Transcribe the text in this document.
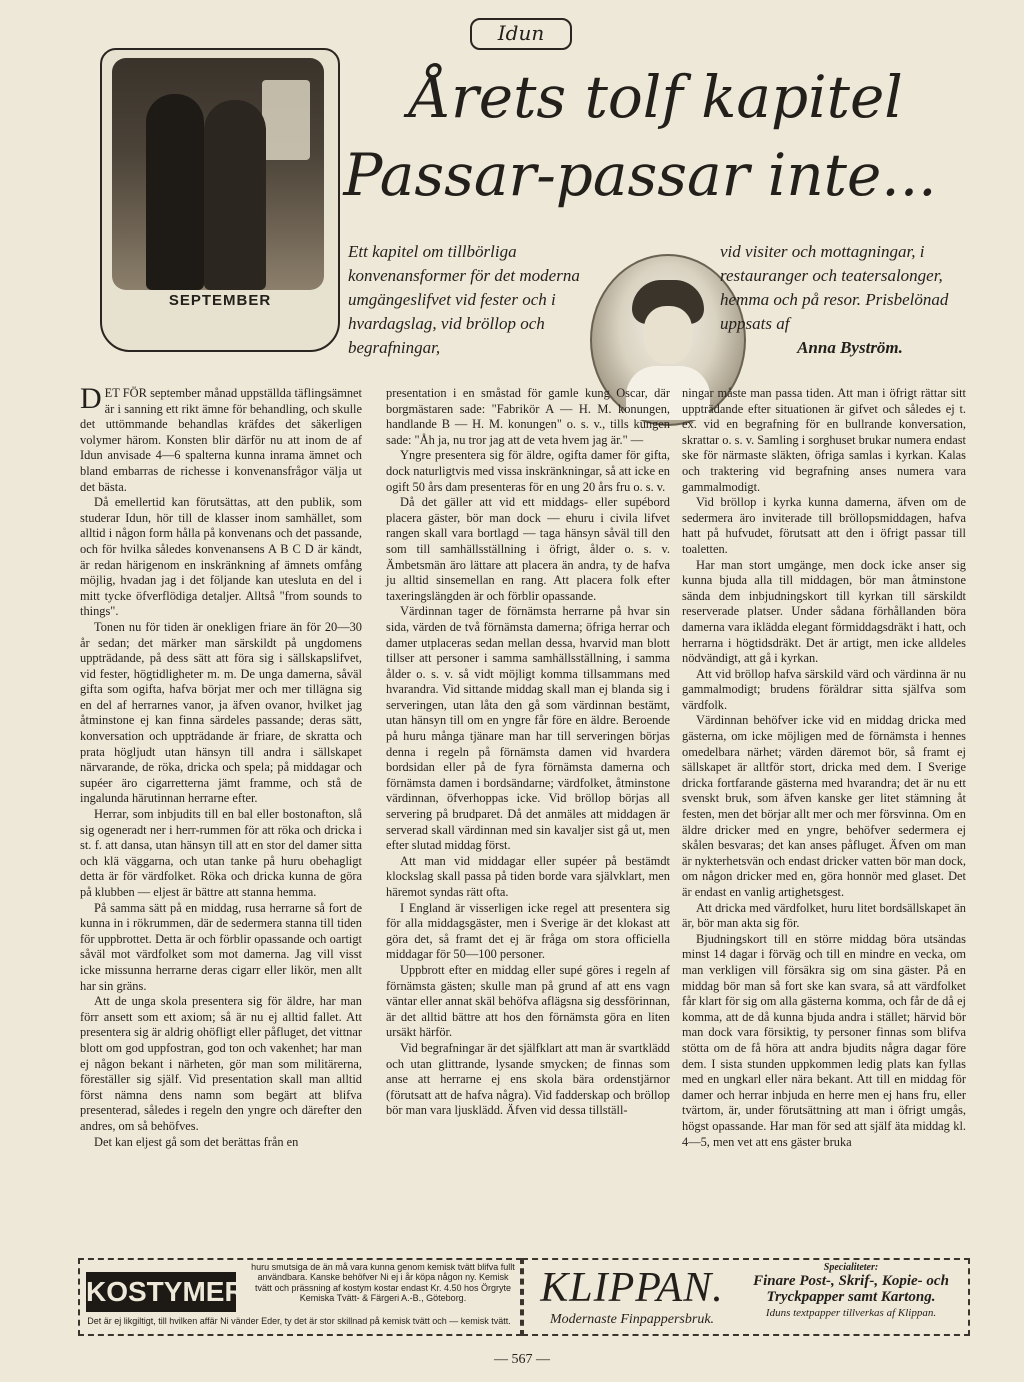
Idun
SEPTEMBER
Årets tolf kapitel
Passar-passar inte...
Ett kapitel om tillbörliga konvenansformer för det moderna umgängeslifvet vid fester och i hvardagslag, vid bröllop och begrafningar,
vid visiter och mottagningar, i restauranger och teatersalonger, hemma och på resor. Prisbelönad uppsats af
Anna Byström.

DET FÖR september månad uppställda täflingsämnet är i sanning ett rikt ämne för behandling, och skulle det uttömmande behandlas kräfdes det säkerligen volymer härom. Konsten blir därför nu att inom de af Idun anvisade 4—6 spalterna kunna inrama ämnet och bland embarras de richesse i konvenansfrågor välja ut det bästa.

Då emellertid kan förutsättas, att den publik, som studerar Idun, hör till de klasser inom samhället, som alltid i någon form hålla på konvenans och det passande, och för hvilka således konvenansens A B C D är kändt, är redan härigenom en inskränkning af ämnets omfång möjlig, hvadan jag i det följande kan utesluta en del i mitt tycke öfverflödiga detaljer. Alltså "from sounds to things".

Tonen nu för tiden är onekligen friare än för 20—30 år sedan; det märker man särskildt på ungdomens uppträdande, på dess sätt att föra sig i sällskapslifvet, vid fester, högtidligheter m. m. De unga damerna, såväl gifta som ogifta, hafva börjat mer och mer tillägna sig en del af herrarnes vanor, ja äfven ovanor, hvilket jag åtminstone ej kan finna särdeles passande; deras sätt, konversation och uppträdande är friare, de skratta och prata högljudt utan hänsyn till andra i sällskapet närvarande, de röka, dricka och spela; på middagar och supéer äro cigarretterna jämt framme, och stå de ingalunda härutinnan herrarne efter.

Herrar, som inbjudits till en bal eller bostonafton, slå sig ogeneradt ner i herr-rummen för att röka och dricka i st. f. att dansa, utan hänsyn till att en stor del damer sitta och klä väggarna, och utan tanke på huru obehagligt detta är för värdfolket. Röka och dricka kunna de göra på klubben — eljest är bättre att stanna hemma.

På samma sätt på en middag, rusa herrarne så fort de kunna in i rökrummen, där de sedermera stanna till tiden för uppbrottet. Detta är och förblir opassande och oartigt såväl mot värdfolket som mot damerna. Jag vill visst icke missunna herrarne deras cigarr eller likör, men allt har sin gräns.

Att de unga skola presentera sig för äldre, har man förr ansett som ett axiom; så är nu ej alltid fallet. Att presentera sig är aldrig ohöfligt eller påfluget, det vittnar blott om god uppfostran, god ton och vakenhet; har man ej någon bekant i närheten, gör man som militärerna, föreställer sig själf. Vid presentation skall man alltid först nämna dens namn som begärt att blifva presenterad, således i regeln den yngre och därefter den andres, om så behöfves.

Det kan eljest gå som det berättas från en

presentation i en småstad för gamle kung Oscar, där borgmästaren sade: "Fabrikör A — H. M. konungen, handlande B — H. M. konungen" o. s. v., tills kungen sade: "Åh ja, nu tror jag att de veta hvem jag är." —

Yngre presentera sig för äldre, ogifta damer för gifta, dock naturligtvis med vissa inskränkningar, så att icke en ogift 50 års dam presenteras för en ung 20 års fru o. s. v.

Då det gäller att vid ett middags- eller supébord placera gäster, bör man dock — ehuru i civila lifvet rangen skall vara bortlagd — taga hänsyn såväl till den som till samhällsställning i öfrigt, ålder o. s. v. Ämbetsmän äro lättare att placera än andra, ty de hafva ju alltid sinsemellan en rang. Att placera folk efter taxeringslängden är och förblir opassande.

Värdinnan tager de förnämsta herrarne på hvar sin sida, värden de två förnämsta damerna; öfriga herrar och damer utplaceras sedan mellan dessa, hvarvid man blott tillser att personer i samma samhällsställning, i samma ålder o. s. v. så vidt möjligt komma tillsammans med hvarandra. Vid sittande middag skall man ej blanda sig i serveringen, utan låta den gå som värdinnan bestämt, utan hänsyn till om en yngre får före en äldre. Beroende på huru många tjänare man har till serveringen börjas denna i regeln på förnämsta damen vid hvardera bordsidan eller på de fyra förnämsta damerna och förnämsta damen i bordsändarne; värdfolket, åtminstone värdinnan, öfverhoppas icke. Vid bröllop börjas all servering på brudparet. Då det anmäles att middagen är serverad skall värdinnan med sin kavaljer sist gå ut, men efter slutad middag först.

Att man vid middagar eller supéer på bestämdt klockslag skall passa på tiden borde vara självklart, men häremot syndas rätt ofta.

I England är visserligen icke regel att presentera sig för alla middagsgäster, men i Sverige är det klokast att göra det, så framt det ej är fråga om stora officiella middagar för 50—100 personer.

Uppbrott efter en middag eller supé göres i regeln af förnämsta gästen; skulle man på grund af att ens vagn väntar eller annat skäl behöfva aflägsna sig dessförinnan, är det alltid bättre att hos den förnämsta göra en liten ursäkt härför.

Vid begrafningar är det själfklart att man är svartklädd och utan glittrande, lysande smycken; de finnas som anse att herrarne ej ens skola bära ordenstjärnor (förutsatt att de hafva några). Vid fadderskap och bröllop bör man vara ljusklädd. Äfven vid dessa tillställ-

ningar måste man passa tiden. Att man i öfrigt rättar sitt uppträdande efter situationen är gifvet och således ej t. ex. vid en begrafning för en bullrande konversation, skrattar o. s. v. Samling i sorghuset brukar numera endast ske för närmaste släkten, öfriga samlas i kyrkan. Kalas och traktering vid begrafning anses numera vara gammalmodigt.

Vid bröllop i kyrka kunna damerna, äfven om de sedermera äro inviterade till bröllopsmiddagen, hafva hatt på hufvudet, förutsatt att den i öfrigt passar till toaletten.

Har man stort umgänge, men dock icke anser sig kunna bjuda alla till middagen, bör man åtminstone sända dem inbjudningskort till kyrkan till särskildt reserverade platser. Under sådana förhållanden böra damerna vara iklädda elegant förmiddagsdräkt i hatt, och herrarna i högtidsdräkt. Det är artigt, men icke alldeles nödvändigt, att gå i kyrkan.

Att vid bröllop hafva särskild värd och värdinna är nu gammalmodigt; brudens föräldrar sitta själfva som värdfolk.

Värdinnan behöfver icke vid en middag dricka med gästerna, om icke möjligen med de förnämsta i hennes omedelbara närhet; värden däremot bör, så framt ej sällskapet är alltför stort, dricka med dem. I Sverige dricka fortfarande gästerna med hvarandra; det är nu ett svenskt bruk, som äfven kanske ger litet stämning åt festen, men det börjar allt mer och mer försvinna. Om en äldre dricker med en yngre, behöfver sedermera ej skålen besvaras; det kan anses påfluget. Äfven om man är nykterhetsvän och endast dricker vatten bör man dock, om någon dricker med en, göra honnör med glaset. Det är endast en vanlig artighetsgest.

Att dricka med värdfolket, huru litet bordsällskapet än är, bör man akta sig för.

Bjudningskort till en större middag böra utsändas minst 14 dagar i förväg och till en mindre en vecka, om man verkligen vill försäkra sig om sina gäster. På en middag bör man så fort ske kan svara, så att värdfolket får klart för sig om alla gästerna komma, och får de då ej komma, att de då kunna bjuda andra i stället; härvid bör man dock vara försiktig, ty personer finnas som blifva stötta om de få höra att andra bjudits några dagar före dem. I sista stunden uppkommen ledig plats kan fyllas med en ungkarl eller nära bekant. Att till en middag för damer och herrar inbjuda en herre men ej hans fru, eller tvärtom, är, under förutsättning att man i öfrigt umgås, högst opassande. Har man för sed att själf äta middag kl. 4—5, men vet att ens gäster bruka

KOSTYMER
huru smutsiga de än må vara kunna genom kemisk tvätt blifva fullt användbara. Kanske behöfver Ni ej i år köpa någon ny. Kemisk tvätt och prässning af kostym kostar endast Kr. 4.50 hos Örgryte Kemiska Tvätt- & Färgeri A.-B., Göteborg.
Det är ej likgiltigt, till hvilken affär Ni vänder Eder, ty det är stor skillnad på kemisk tvätt och — kemisk tvätt.
KLIPPAN.
Modernaste Finpappersbruk.
Specialiteter:
Finare Post-, Skrif-, Kopie- och Tryckpapper samt Kartong.
Iduns textpapper tillverkas af Klippan.
— 567 —
